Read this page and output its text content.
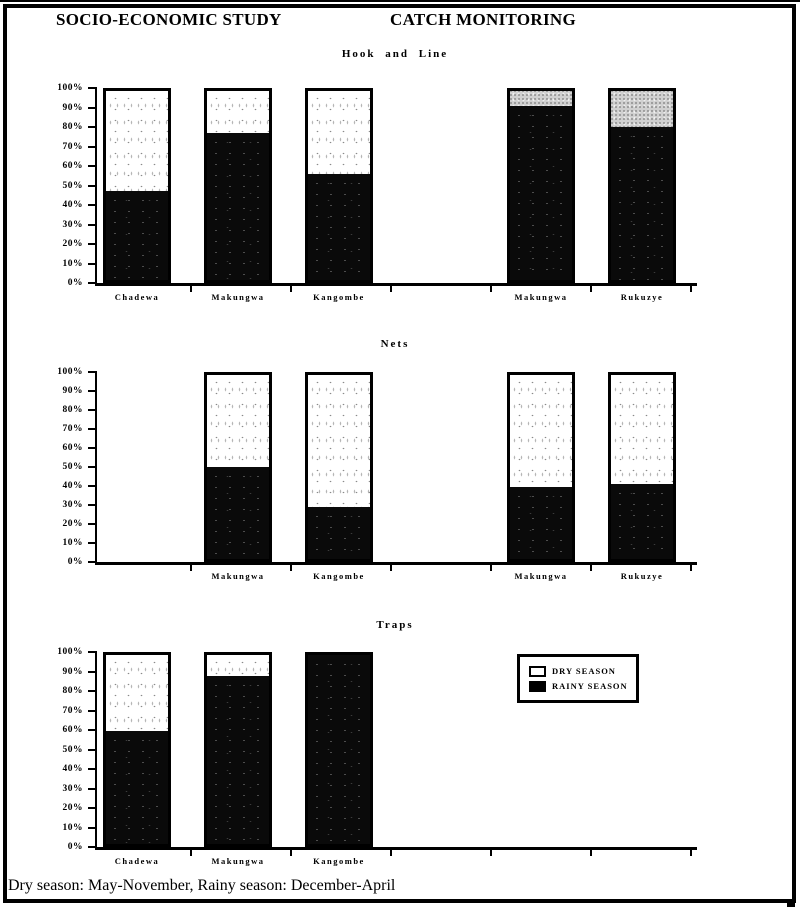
SOCIO-ECONOMIC STUDY	CATCH MONITORING
DRY SEASON
RAINY SEASON
Dry season: May-November, Rainy season: December-April
Hook and Line
100%
90%
80%
70%
60%
50%
40%
30%
20%
10%
0%
Chadewa	Makungwa	Kangombe	Makungwa	Rukuzye
Nets
100%
90%
80%
70%
60%
50%
40%
30%
20%
10%
0%
Makungwa	Kangombe	Makungwa	Rukuzye
Traps
100%
90%
80%
70%
60%
50%
40%
30%
20%
10%
0%
Chadewa	Makungwa	Kangombe
